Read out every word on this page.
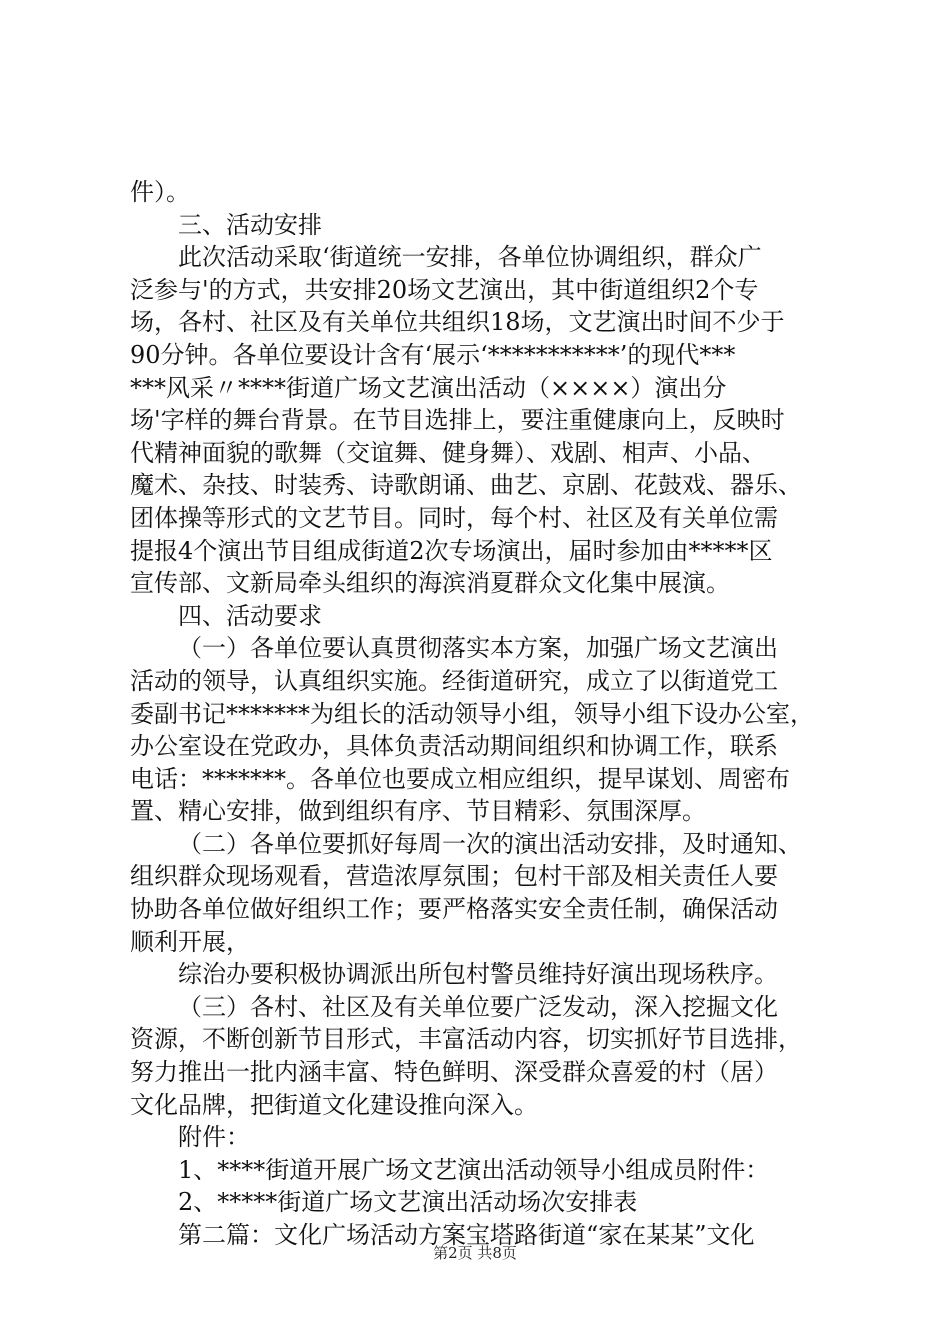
件）。
三、活动安排
此次活动采取‘街道统一安排，各单位协调组织，群众广
泛参与'的方式，共安排20场文艺演出，其中街道组织2个专
场，各村、社区及有关单位共组织18场，文艺演出时间不少于
90分钟。各单位要设计含有‘展示‘***********’的现代***
***风采〃****街道广场文艺演出活动（××××）演出分
场'字样的舞台背景。在节目选排上，要注重健康向上，反映时
代精神面貌的歌舞（交谊舞、健身舞）、戏剧、相声、小品、
魔术、杂技、时装秀、诗歌朗诵、曲艺、京剧、花鼓戏、器乐、
团体操等形式的文艺节目。同时，每个村、社区及有关单位需
提报4个演出节目组成街道2次专场演出，届时参加由*****区
宣传部、文新局牵头组织的海滨消夏群众文化集中展演。
四、活动要求
（一）各单位要认真贯彻落实本方案，加强广场文艺演出
活动的领导，认真组织实施。经街道研究，成立了以街道党工
委副书记*******为组长的活动领导小组，领导小组下设办公室，
办公室设在党政办，具体负责活动期间组织和协调工作，联系
电话：*******。各单位也要成立相应组织，提早谋划、周密布
置、精心安排，做到组织有序、节目精彩、氛围深厚。
（二）各单位要抓好每周一次的演出活动安排，及时通知、
组织群众现场观看，营造浓厚氛围；包村干部及相关责任人要
协助各单位做好组织工作；要严格落实安全责任制，确保活动
顺利开展，
综治办要积极协调派出所包村警员维持好演出现场秩序。
（三）各村、社区及有关单位要广泛发动，深入挖掘文化
资源，不断创新节目形式，丰富活动内容，切实抓好节目选排，
努力推出一批内涵丰富、特色鲜明、深受群众喜爱的村（居）
文化品牌，把街道文化建设推向深入。
附件：
1、****街道开展广场文艺演出活动领导小组成员附件：
2、*****街道广场文艺演出活动场次安排表
第二篇：文化广场活动方案宝塔路街道“家在某某”文化
第2页 共8页
